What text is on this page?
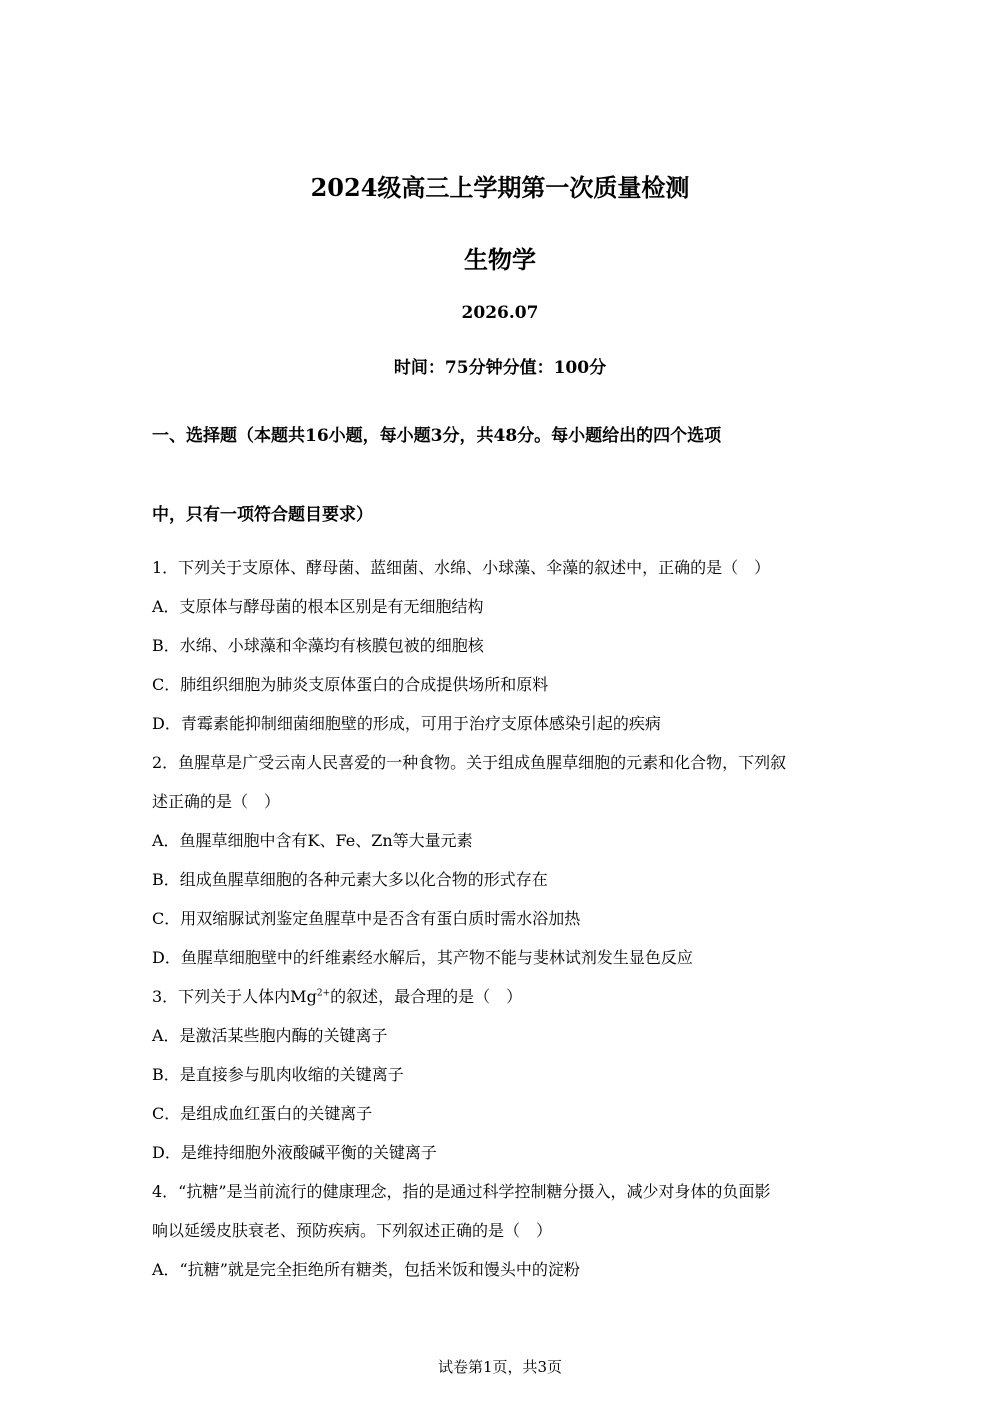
2024级高三上学期第一次质量检测
生物学
2026.07
时间：75分钟分值：100分
一、选择题（本题共16小题，每小题3分，共48分。每小题给出的四个选项
中，只有一项符合题目要求）
1．下列关于支原体、酵母菌、蓝细菌、水绵、小球藻、伞藻的叙述中，正确的是（　）
A．支原体与酵母菌的根本区别是有无细胞结构
B．水绵、小球藻和伞藻均有核膜包被的细胞核
C．肺组织细胞为肺炎支原体蛋白的合成提供场所和原料
D．青霉素能抑制细菌细胞壁的形成，可用于治疗支原体感染引起的疾病
2．鱼腥草是广受云南人民喜爱的一种食物。关于组成鱼腥草细胞的元素和化合物，下列叙
述正确的是（　）
A．鱼腥草细胞中含有K、Fe、Zn等大量元素
B．组成鱼腥草细胞的各种元素大多以化合物的形式存在
C．用双缩脲试剂鉴定鱼腥草中是否含有蛋白质时需水浴加热
D．鱼腥草细胞壁中的纤维素经水解后，其产物不能与斐林试剂发生显色反应
3．下列关于人体内$Mg^{2+}$的叙述，最合理的是（　）
A．是激活某些胞内酶的关键离子
B．是直接参与肌肉收缩的关键离子
C．是组成血红蛋白的关键离子
D．是维持细胞外液酸碱平衡的关键离子
4．“抗糖”是当前流行的健康理念，指的是通过科学控制糖分摄入，减少对身体的负面影
响以延缓皮肤衰老、预防疾病。下列叙述正确的是（　）
A．“抗糖”就是完全拒绝所有糖类，包括米饭和馒头中的淀粉
试卷第1页，共3页
